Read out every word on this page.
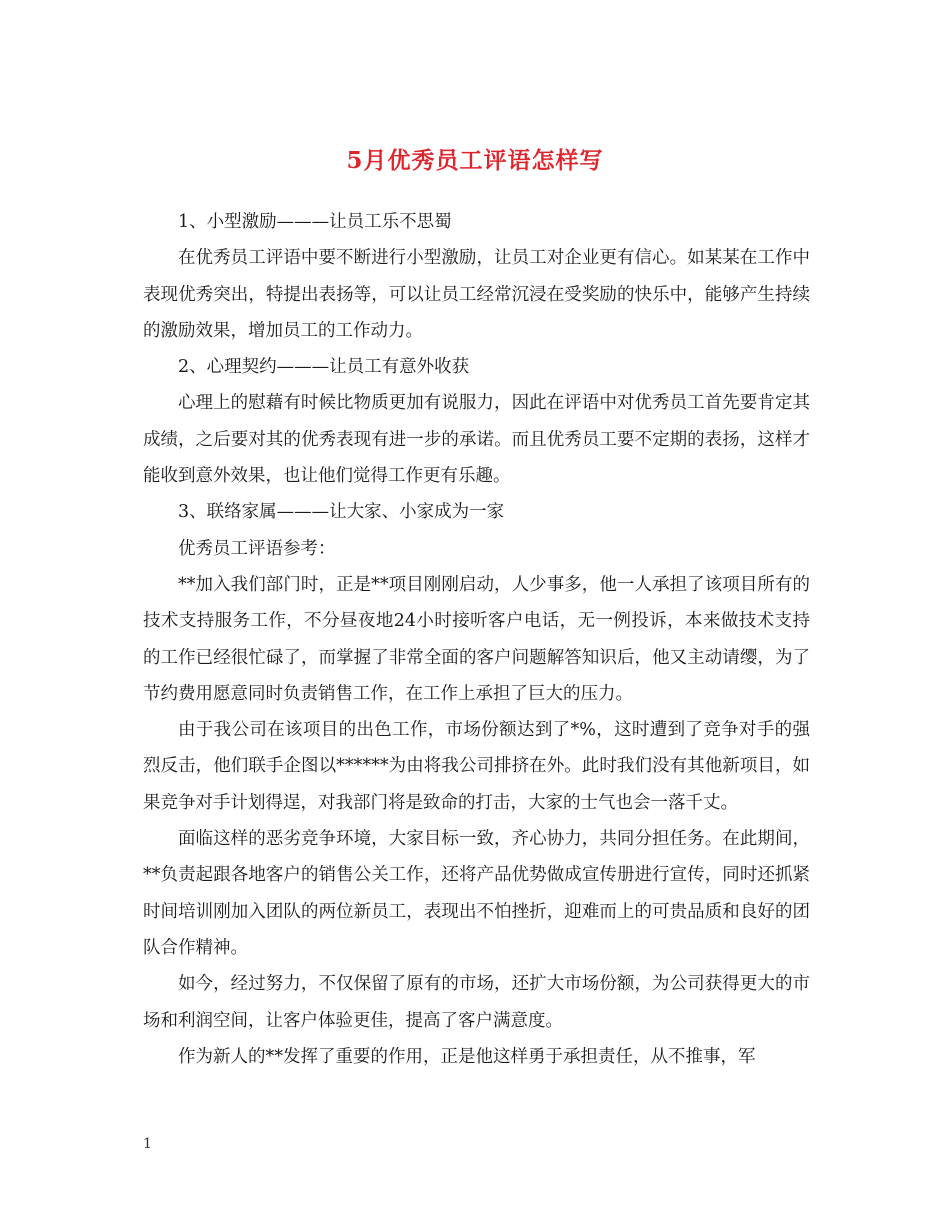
5月优秀员工评语怎样写

1、小型激励———让员工乐不思蜀

在优秀员工评语中要不断进行小型激励，让员工对企业更有信心。如某某在工作中表现优秀突出，特提出表扬等，可以让员工经常沉浸在受奖励的快乐中，能够产生持续的激励效果，增加员工的工作动力。

2、心理契约———让员工有意外收获

心理上的慰藉有时候比物质更加有说服力，因此在评语中对优秀员工首先要肯定其成绩，之后要对其的优秀表现有进一步的承诺。而且优秀员工要不定期的表扬，这样才能收到意外效果，也让他们觉得工作更有乐趣。

3、联络家属———让大家、小家成为一家

优秀员工评语参考：

**加入我们部门时，正是**项目刚刚启动，人少事多，他一人承担了该项目所有的技术支持服务工作，不分昼夜地24小时接听客户电话，无一例投诉，本来做技术支持的工作已经很忙碌了，而掌握了非常全面的客户问题解答知识后，他又主动请缨，为了节约费用愿意同时负责销售工作，在工作上承担了巨大的压力。

由于我公司在该项目的出色工作，市场份额达到了*%，这时遭到了竞争对手的强烈反击，他们联手企图以******为由将我公司排挤在外。此时我们没有其他新项目，如果竞争对手计划得逞，对我部门将是致命的打击，大家的士气也会一落千丈。

面临这样的恶劣竞争环境，大家目标一致，齐心协力，共同分担任务。在此期间，**负责起跟各地客户的销售公关工作，还将产品优势做成宣传册进行宣传，同时还抓紧时间培训刚加入团队的两位新员工，表现出不怕挫折，迎难而上的可贵品质和良好的团队合作精神。

如今，经过努力，不仅保留了原有的市场，还扩大市场份额，为公司获得更大的市场和利润空间，让客户体验更佳，提高了客户满意度。

作为新人的**发挥了重要的作用，正是他这样勇于承担责任，从不推事，军

1
